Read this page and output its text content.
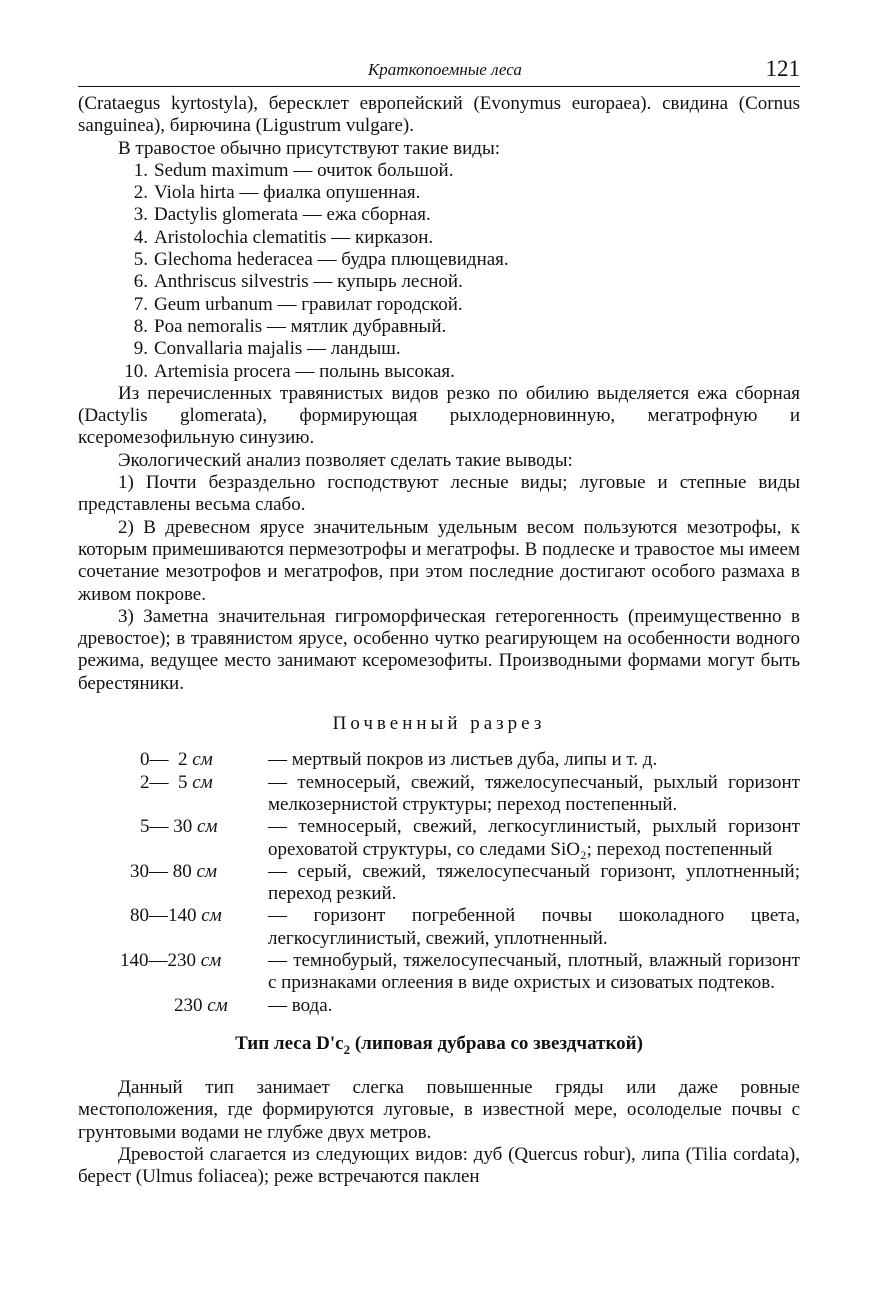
Краткопоемные леса	121

(Crataegus kyrtostyla), бересклет европейский (Evonymus europaea). свидина (Cornus sanguinea), бирючина (Ligustrum vulgare).

В травостое обычно присутствуют такие виды:

1. Sedum maximum — очиток большой.
2. Viola hirta — фиалка опушенная.
3. Dactylis glomerata — ежа сборная.
4. Aristolochia clematitis — кирказон.
5. Glechoma hederacea — будра плющевидная.
6. Anthriscus silvestris — купырь лесной.
7. Geum urbanum — гравилат городской.
8. Poa nemoralis — мятлик дубравный.
9. Convallaria majalis — ландыш.
10. Artemisia procera — полынь высокая.

Из перечисленных травянистых видов резко по обилию выделяется ежа сборная (Dactylis glomerata), формирующая рыхлодерновинную, мегатрофную и ксеромезофильную синузию.

Экологический анализ позволяет сделать такие выводы:

1) Почти безраздельно господствуют лесные виды; луговые и степные виды представлены весьма слабо.

2) В древесном ярусе значительным удельным весом пользуются мезотрофы, к которым примешиваются пермезотрофы и мегатрофы. В подлеске и травостое мы имеем сочетание мезотрофов и мегатрофов, при этом последние достигают особого размаха в живом покрове.

3) Заметна значительная гигроморфическая гетерогенность (преимущественно в древостое); в травянистом ярусе, особенно чутко реагирующем на особенности водного режима, ведущее место занимают ксеромезофиты. Производными формами могут быть берестяники.

Почвенный разрез
0—  2 см	— мертвый покров из листьев дуба, липы и т. д.
2—  5 см	— темносерый, свежий, тяжелосупесчаный, рыхлый горизонт мелкозернистой структуры; переход постепенный.
5— 30 см	— темносерый, свежий, легкосуглинистый, рыхлый горизонт ореховатой структуры, со следами SiO₂; переход постепенный
30— 80 см	— серый, свежий, тяжелосупесчаный горизонт, уплотненный; переход резкий.
80—140 см	— горизонт погребенной почвы шоколадного цвета, легкосуглинистый, свежий, уплотненный.
140—230 см	— темнобурый, тяжелосупесчаный, плотный, влажный горизонт с признаками оглеения в виде охристых и сизоватых подтеков.
230 см	— вода.
Тип леса $D'c_2$ (липовая дубрава со звездчаткой)

Данный тип занимает слегка повышенные гряды или даже ровные местоположения, где формируются луговые, в известной мере, осолоделые почвы с грунтовыми водами не глубже двух метров.

Древостой слагается из следующих видов: дуб (Quercus robur), липа (Tilia cordata), берест (Ulmus foliacea); реже встречаются паклен
